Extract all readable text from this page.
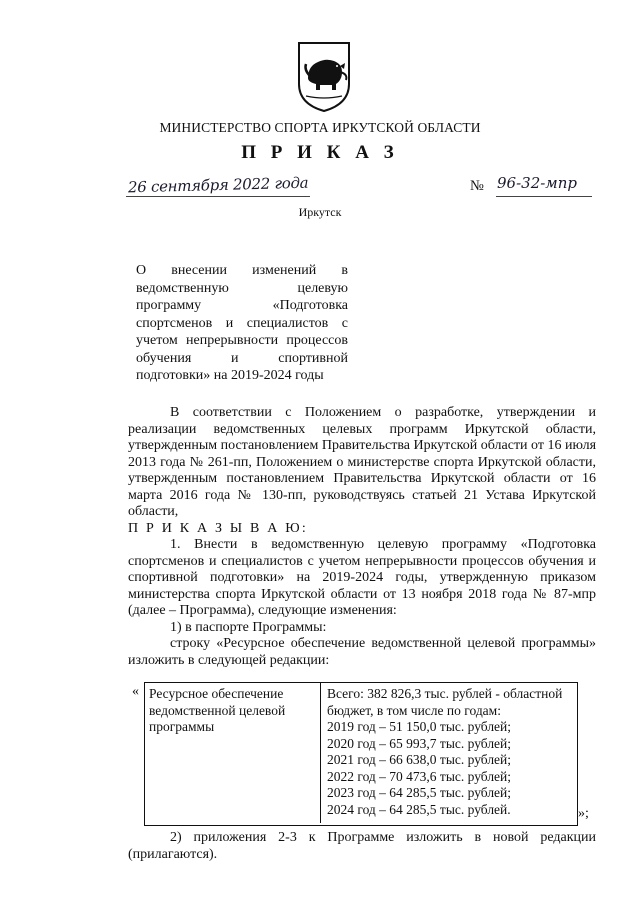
МИНИСТЕРСТВО СПОРТА ИРКУТСКОЙ ОБЛАСТИ
П Р И К А З
26 сентября 2022 года	№ 96-32-мпр
Иркутск
О внесении изменений в ведомственную целевую программу «Подготовка спортсменов и специалистов с учетом непрерывности процессов обучения и спортивной подготовки» на 2019-2024 годы

В соответствии с Положением о разработке, утверждении и реализации ведомственных целевых программ Иркутской области, утвержденным постановлением Правительства Иркутской области от 16 июля 2013 года № 261-пп, Положением о министерстве спорта Иркутской области, утвержденным постановлением Правительства Иркутской области от 16 марта 2016 года № 130-пп, руководствуясь статьей 21 Устава Иркутской области,

П Р И К А З Ы В А Ю:

1. Внести в ведомственную целевую программу «Подготовка спортсменов и специалистов с учетом непрерывности процессов обучения и спортивной подготовки» на 2019-2024 годы, утвержденную приказом министерства спорта Иркутской области от 13 ноября 2018 года № 87-мпр (далее – Программа), следующие изменения:

1) в паспорте Программы:

строку «Ресурсное обеспечение ведомственной целевой программы» изложить в следующей редакции:

« Ресурсное обеспечение ведомственной целевой программы
Всего: 382 826,3 тыс. рублей - областной
бюджет, в том числе по годам:
2019 год – 51 150,0 тыс. рублей;
2020 год – 65 993,7 тыс. рублей;
2021 год – 66 638,0 тыс. рублей;
2022 год – 70 473,6 тыс. рублей;
2023 год – 64 285,5 тыс. рублей;
2024 год – 64 285,5 тыс. рублей.	»;

2) приложения 2-3 к Программе изложить в новой редакции (прилагаются).
